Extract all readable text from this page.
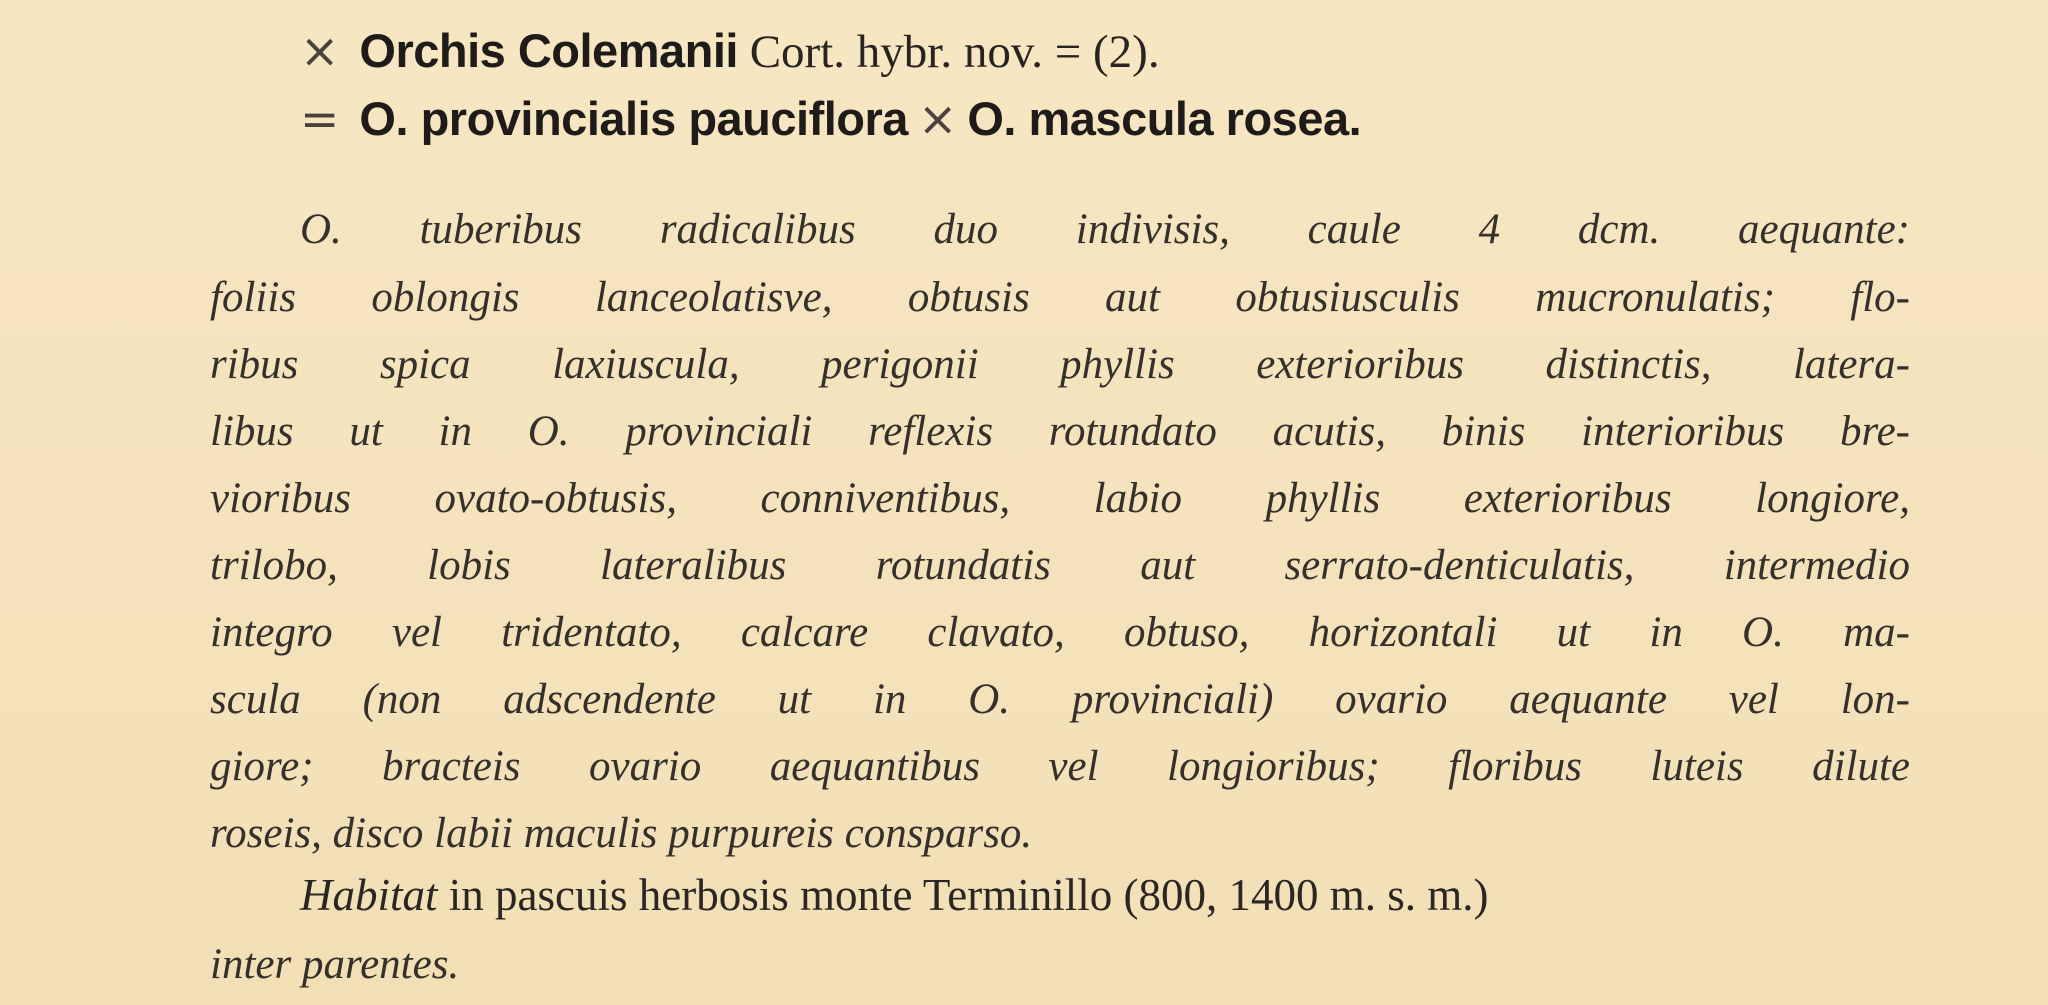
× Orchis Colemanii Cort. hybr. nov. = (2).
= O. provincialis pauciflora × O. mascula rosea.
O. tuberibus radicalibus duo indivisis, caule 4 dcm. aequante:
foliis oblongis lanceolatisve, obtusis aut obtusiusculis mucronulatis; flo-
ribus spica laxiuscula, perigonii phyllis exterioribus distinctis, latera-
libus ut in O. provinciali reflexis rotundato acutis, binis interioribus bre-
vioribus ovato-obtusis, conniventibus, labio phyllis exterioribus longiore,
trilobo, lobis lateralibus rotundatis aut serrato-denticulatis, intermedio
integro vel tridentato, calcare clavato, obtuso, horizontali ut in O. ma-
scula (non adscendente ut in O. provinciali) ovario aequante vel lon-
giore; bracteis ovario aequantibus vel longioribus; floribus luteis dilute
roseis, disco labii maculis purpureis consparso.
Habitat in pascuis herbosis monte Terminillo (800, 1400 m. s. m.)
inter parentes.
